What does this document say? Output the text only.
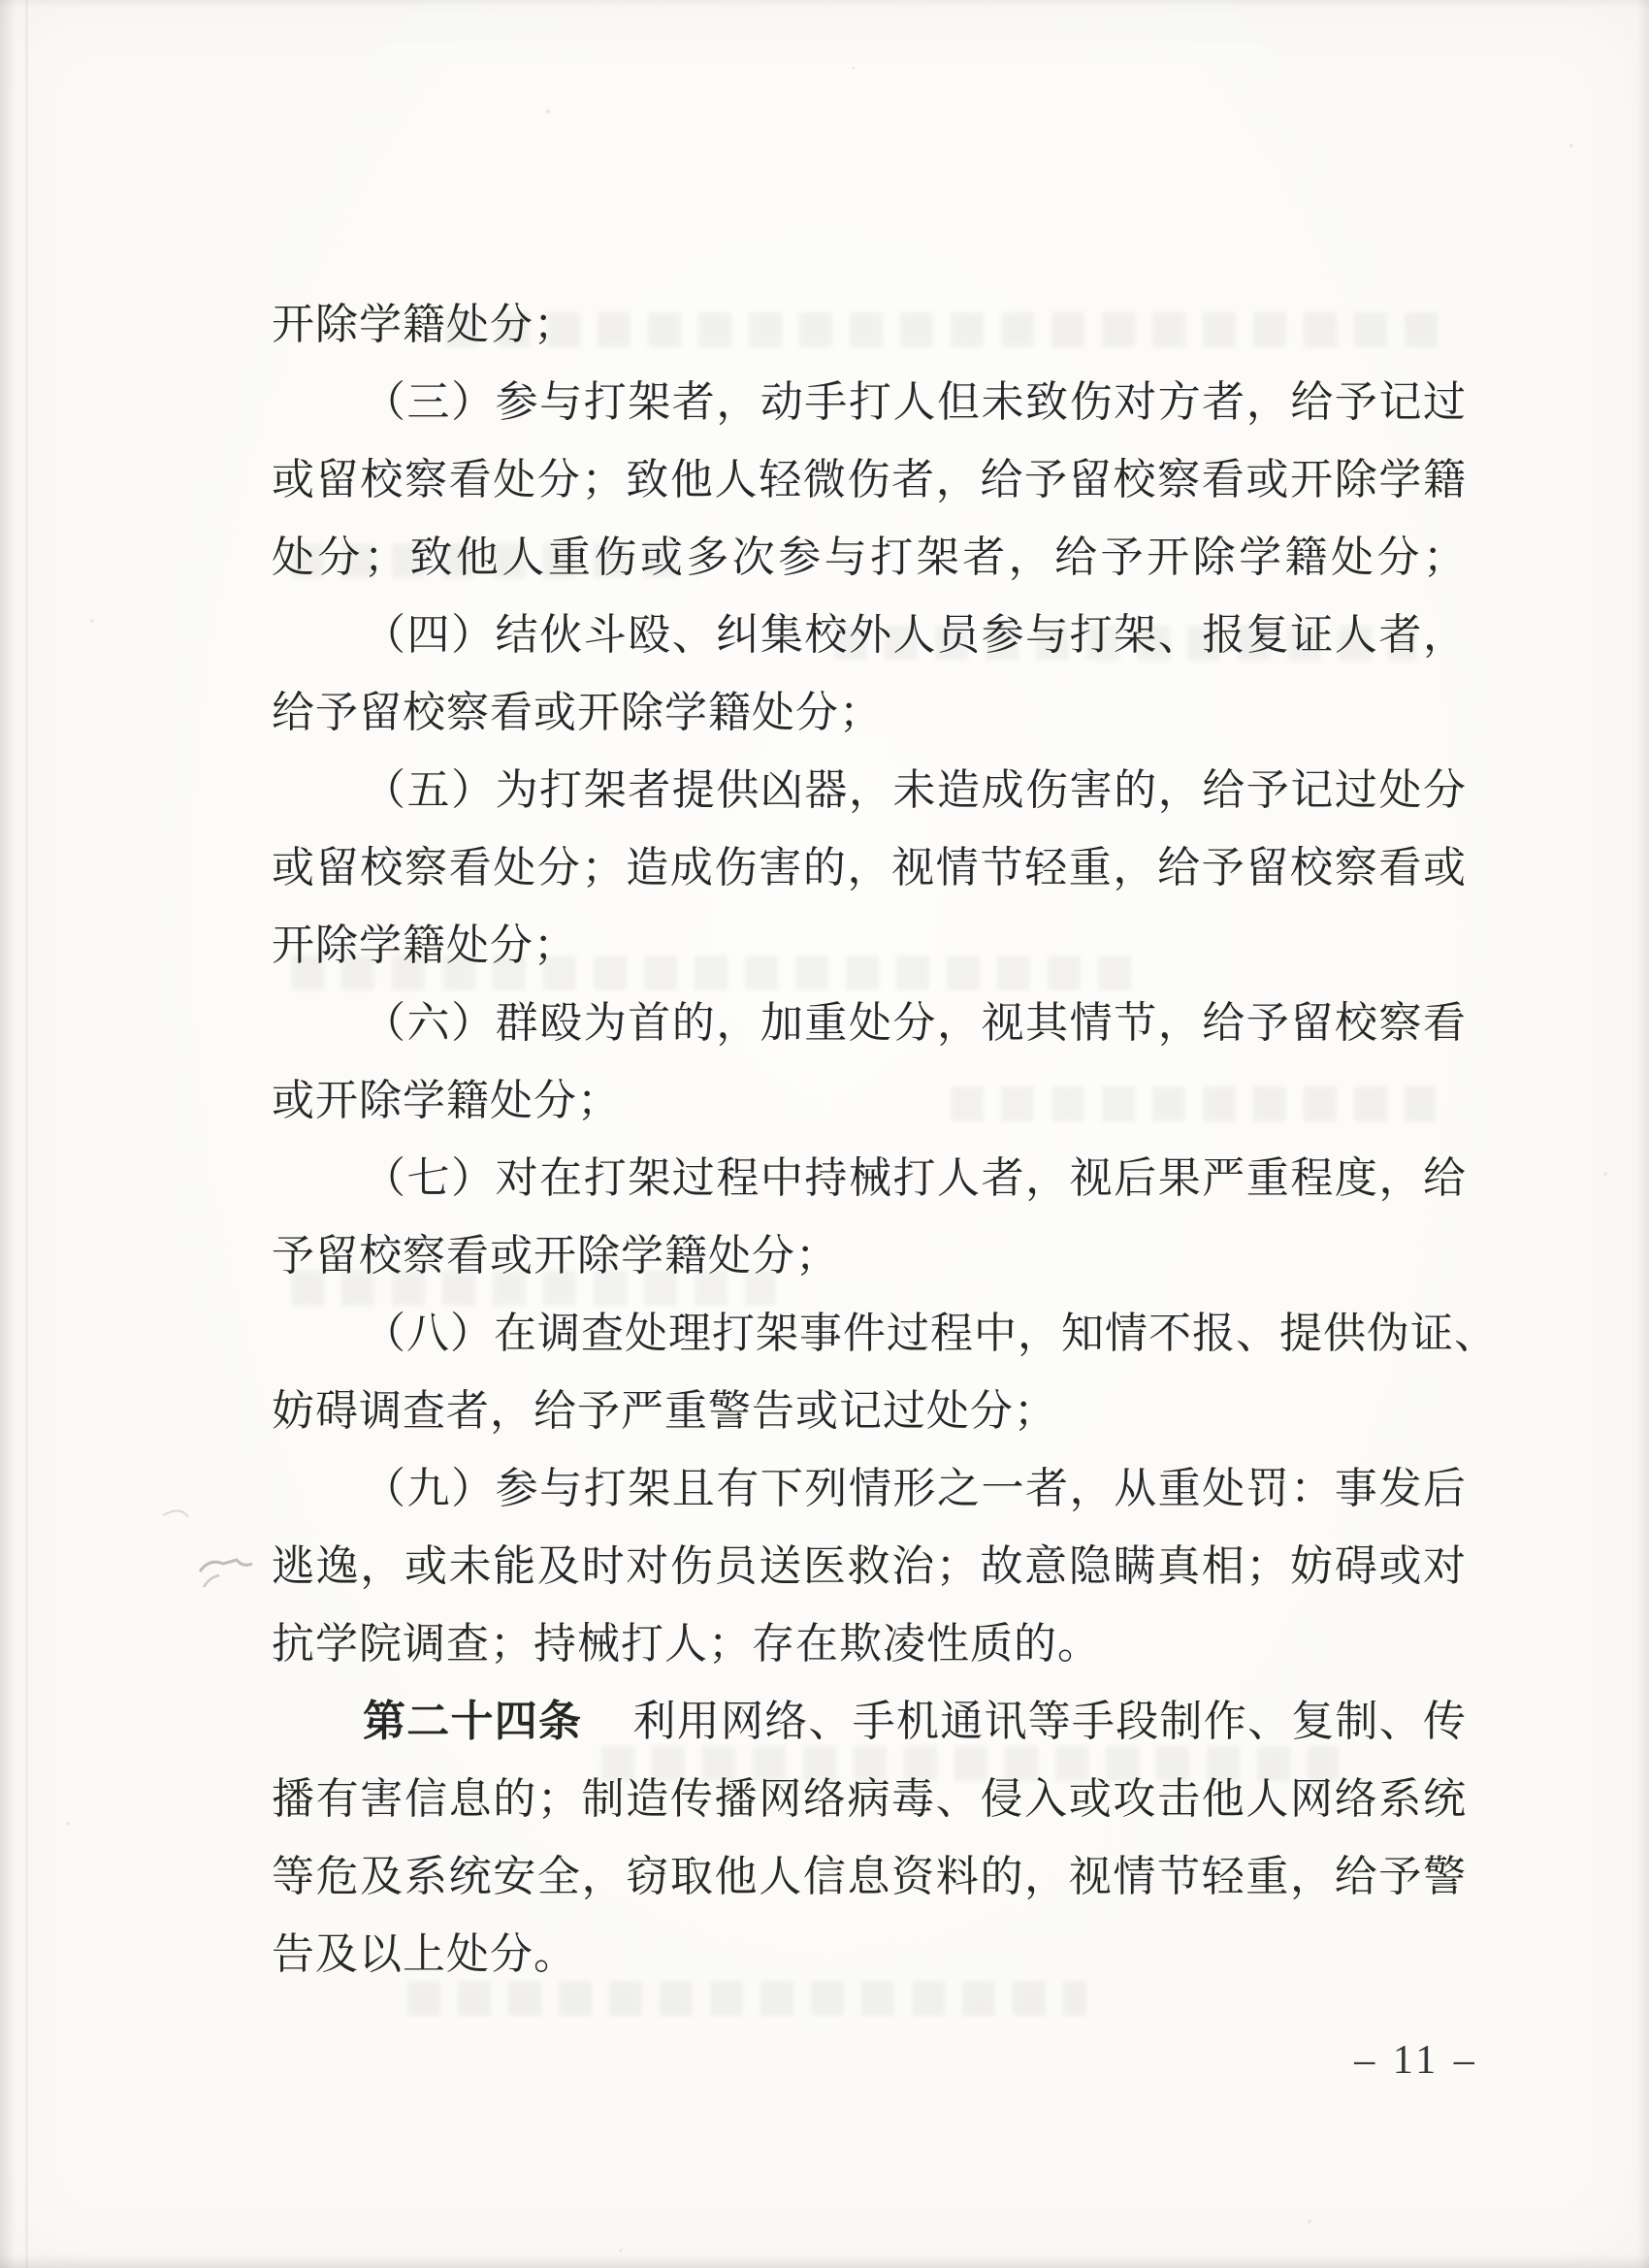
开除学籍处分；
（三）参与打架者，动手打人但未致伤对方者，给予记过
或留校察看处分；致他人轻微伤者，给予留校察看或开除学籍
处分；致他人重伤或多次参与打架者，给予开除学籍处分；
（四）结伙斗殴、纠集校外人员参与打架、报复证人者，
给予留校察看或开除学籍处分；
（五）为打架者提供凶器，未造成伤害的，给予记过处分
或留校察看处分；造成伤害的，视情节轻重，给予留校察看或
开除学籍处分；
（六）群殴为首的，加重处分，视其情节，给予留校察看
或开除学籍处分；
（七）对在打架过程中持械打人者，视后果严重程度，给
予留校察看或开除学籍处分；
（八）在调查处理打架事件过程中，知情不报、提供伪证、
妨碍调查者，给予严重警告或记过处分；
（九）参与打架且有下列情形之一者，从重处罚：事发后
逃逸，或未能及时对伤员送医救治；故意隐瞒真相；妨碍或对
抗学院调查；持械打人；存在欺凌性质的。
第二十四条 利用网络、手机通讯等手段制作、复制、传
播有害信息的；制造传播网络病毒、侵入或攻击他人网络系统
等危及系统安全，窃取他人信息资料的，视情节轻重，给予警
告及以上处分。
– 11 –
